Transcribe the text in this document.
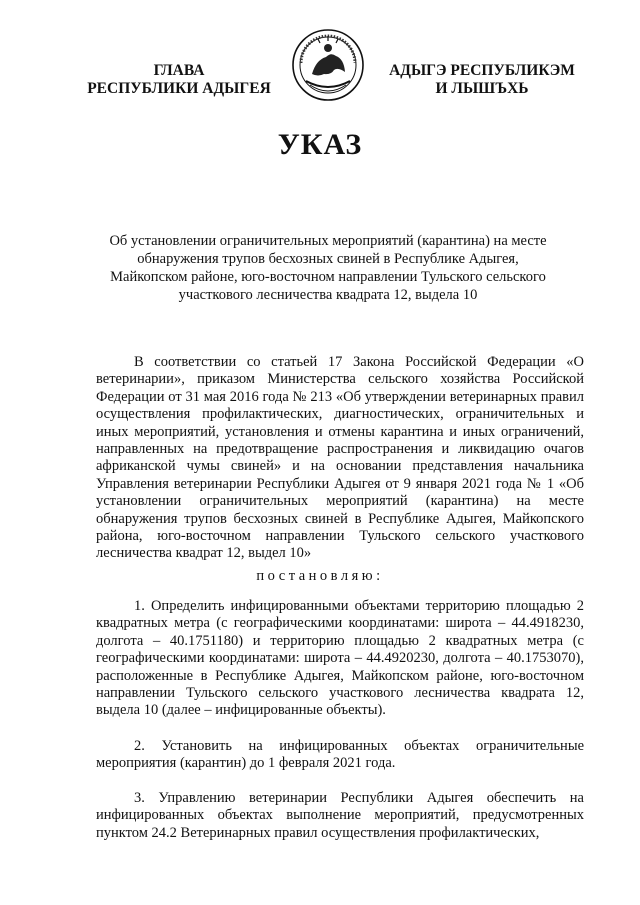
ГЛАВА
РЕСПУБЛИКИ АДЫГЕЯ
АДЫГЭ РЕСПУБЛИКЭМ
И ЛЫШЪХЬ
УКАЗ
Об установлении ограничительных мероприятий (карантина) на месте обнаружения трупов бесхозных свиней в Республике Адыгея, Майкопском районе, юго-восточном направлении Тульского сельского участкового лесничества квадрата 12, выдела 10
В соответствии со статьей 17 Закона Российской Федерации «О ветеринарии», приказом Министерства сельского хозяйства Российской Федерации от 31 мая 2016 года № 213 «Об утверждении ветеринарных правил осуществления профилактических, диагностических, ограничительных и иных мероприятий, установления и отмены карантина и иных ограничений, направленных на предотвращение распространения и ликвидацию очагов африканской чумы свиней» и на основании представления начальника Управления ветеринарии Республики Адыгея от 9 января 2021 года № 1 «Об установлении ограничительных мероприятий (карантина) на месте обнаружения трупов бесхозных свиней в Республике Адыгея, Майкопского района, юго-восточном направлении Тульского сельского участкового лесничества квадрат 12, выдел 10»
постановляю:
1. Определить инфицированными объектами территорию площадью 2 квадратных метра (с географическими координатами: широта – 44.4918230, долгота – 40.1751180) и территорию площадью 2 квадратных метра (с географическими координатами: широта – 44.4920230, долгота – 40.1753070), расположенные в Республике Адыгея, Майкопском районе, юго-восточном направлении Тульского сельского участкового лесничества квадрата 12, выдела 10 (далее – инфицированные объекты).
2. Установить на инфицированных объектах ограничительные мероприятия (карантин) до 1 февраля 2021 года.
3. Управлению ветеринарии Республики Адыгея обеспечить на инфицированных объектах выполнение мероприятий, предусмотренных пунктом 24.2 Ветеринарных правил осуществления профилактических,
